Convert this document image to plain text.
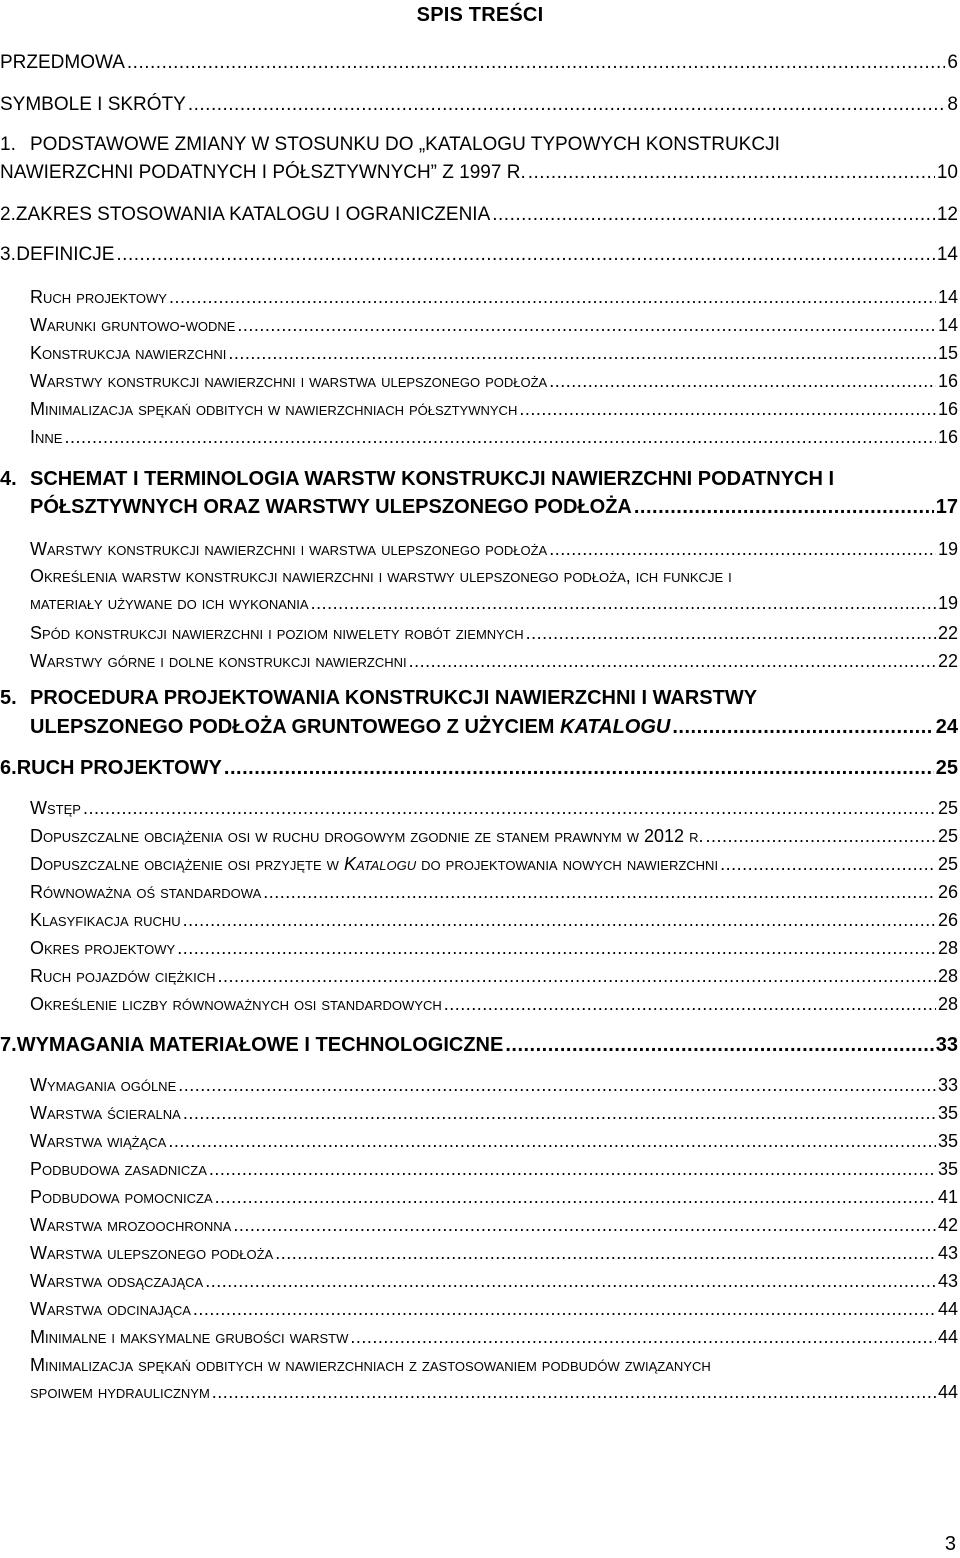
SPIS TREŚCI
PRZEDMOWA .....	6
SYMBOLE I SKRÓTY .....	8
1. PODSTAWOWE ZMIANY W STOSUNKU DO „KATALOGU TYPOWYCH KONSTRUKCJI
NAWIERZCHNI PODATNYCH I PÓŁSZTYWNYCH” Z 1997 R. .....	10
2. ZAKRES STOSOWANIA KATALOGU I OGRANICZENIA .....	12
3. DEFINICJE .....	14
Ruch projektowy .....	14
Warunki gruntowo-wodne .....	14
Konstrukcja nawierzchni .....	15
Warstwy konstrukcji nawierzchni i warstwa ulepszonego podłoża .....	16
Minimalizacja spękań odbitych w nawierzchniach półsztywnych .....	16
Inne .....	16
4. SCHEMAT I TERMINOLOGIA WARSTW KONSTRUKCJI NAWIERZCHNI PODATNYCH I
PÓŁSZTYWNYCH ORAZ WARSTWY ULEPSZONEGO PODŁOŻA .....	17
Warstwy konstrukcji nawierzchni i warstwa ulepszonego podłoża .....	19
Określenia warstw konstrukcji nawierzchni i warstwy ulepszonego podłoża, ich funkcje i
materiały używane do ich wykonania .....	19
Spód konstrukcji nawierzchni i poziom niwelety robót ziemnych .....	22
Warstwy górne i dolne konstrukcji nawierzchni .....	22
5. PROCEDURA PROJEKTOWANIA KONSTRUKCJI NAWIERZCHNI I WARSTWY
ULEPSZONEGO PODŁOŻA GRUNTOWEGO Z UŻYCIEM KATALOGU .....	24
6. RUCH PROJEKTOWY .....	25
Wstęp .....	25
Dopuszczalne obciążenia osi w ruchu drogowym zgodnie ze stanem prawnym w 2012 r. .....	25
Dopuszczalne obciążenie osi przyjęte w Katalogu do projektowania nowych nawierzchni .....	25
Równoważna oś standardowa .....	26
Klasyfikacja ruchu .....	26
Okres projektowy .....	28
Ruch pojazdów ciężkich .....	28
Określenie liczby równoważnych osi standardowych .....	28
7. WYMAGANIA MATERIAŁOWE I TECHNOLOGICZNE .....	33
Wymagania ogólne .....	33
Warstwa ścieralna .....	35
Warstwa wiążąca .....	35
Podbudowa zasadnicza .....	35
Podbudowa pomocnicza .....	41
Warstwa mrozoochronna .....	42
Warstwa ulepszonego podłoża .....	43
Warstwa odsączająca .....	43
Warstwa odcinająca .....	44
Minimalne i maksymalne grubości warstw .....	44
Minimalizacja spękań odbitych w nawierzchniach z zastosowaniem podbudów związanych
spoiwem hydraulicznym .....	44
3
